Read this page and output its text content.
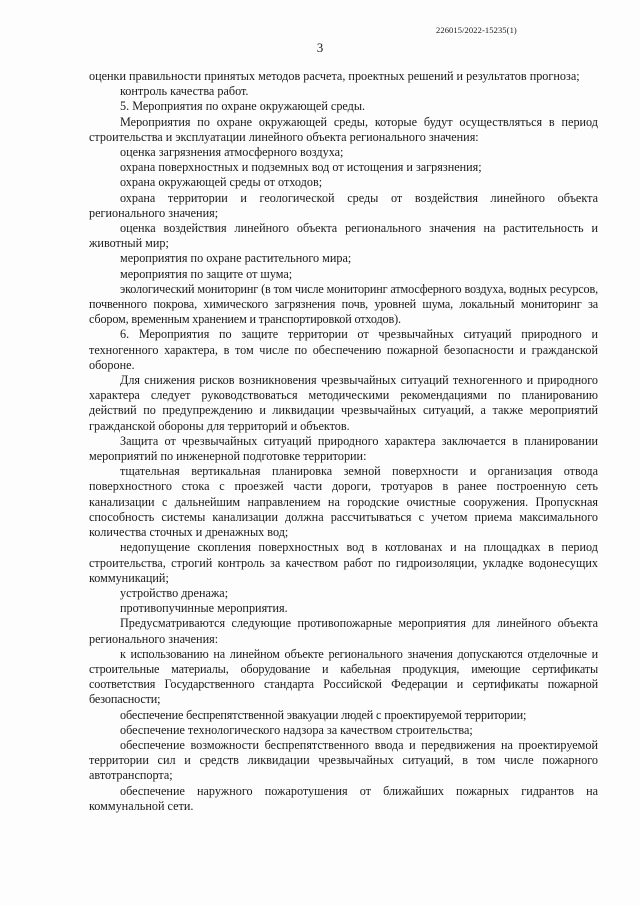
226015/2022-15235(1)
3

оценки правильности принятых методов расчета, проектных решений и результатов прогноза;

контроль качества работ.

5. Мероприятия по охране окружающей среды.

Мероприятия по охране окружающей среды, которые будут осуществляться в период строительства и эксплуатации линейного объекта регионального значения:

оценка загрязнения атмосферного воздуха;

охрана поверхностных и подземных вод от истощения и загрязнения;

охрана окружающей среды от отходов;

охрана территории и геологической среды от воздействия линейного объекта регионального значения;

оценка воздействия линейного объекта регионального значения на растительность и животный мир;

мероприятия по охране растительного мира;

мероприятия по защите от шума;

экологический мониторинг (в том числе мониторинг атмосферного воздуха, водных ресурсов, почвенного покрова, химического загрязнения почв, уровней шума, локальный мониторинг за сбором, временным хранением и транспортировкой отходов).

6. Мероприятия по защите территории от чрезвычайных ситуаций природного и техногенного характера, в том числе по обеспечению пожарной безопасности и гражданской обороне.

Для снижения рисков возникновения чрезвычайных ситуаций техногенного и природного характера следует руководствоваться методическими рекомендациями по планированию действий по предупреждению и ликвидации чрезвычайных ситуаций, а также мероприятий гражданской обороны для территорий и объектов.

Защита от чрезвычайных ситуаций природного характера заключается в планировании мероприятий по инженерной подготовке территории:

тщательная вертикальная планировка земной поверхности и организация отвода поверхностного стока с проезжей части дороги, тротуаров в ранее построенную сеть канализации с дальнейшим направлением на городские очистные сооружения. Пропускная способность системы канализации должна рассчитываться с учетом приема максимального количества сточных и дренажных вод;

недопущение скопления поверхностных вод в котлованах и на площадках в период строительства, строгий контроль за качеством работ по гидроизоляции, укладке водонесущих коммуникаций;

устройство дренажа;

противопучинные мероприятия.

Предусматриваются следующие противопожарные мероприятия для линейного объекта регионального значения:

к использованию на линейном объекте регионального значения допускаются отделочные и строительные материалы, оборудование и кабельная продукция, имеющие сертификаты соответствия Государственного стандарта Российской Федерации и сертификаты пожарной безопасности;

обеспечение беспрепятственной эвакуации людей с проектируемой территории;

обеспечение технологического надзора за качеством строительства;

обеспечение возможности беспрепятственного ввода и передвижения на проектируемой территории сил и средств ликвидации чрезвычайных ситуаций, в том числе пожарного автотранспорта;

обеспечение наружного пожаротушения от ближайших пожарных гидрантов на коммунальной сети.
